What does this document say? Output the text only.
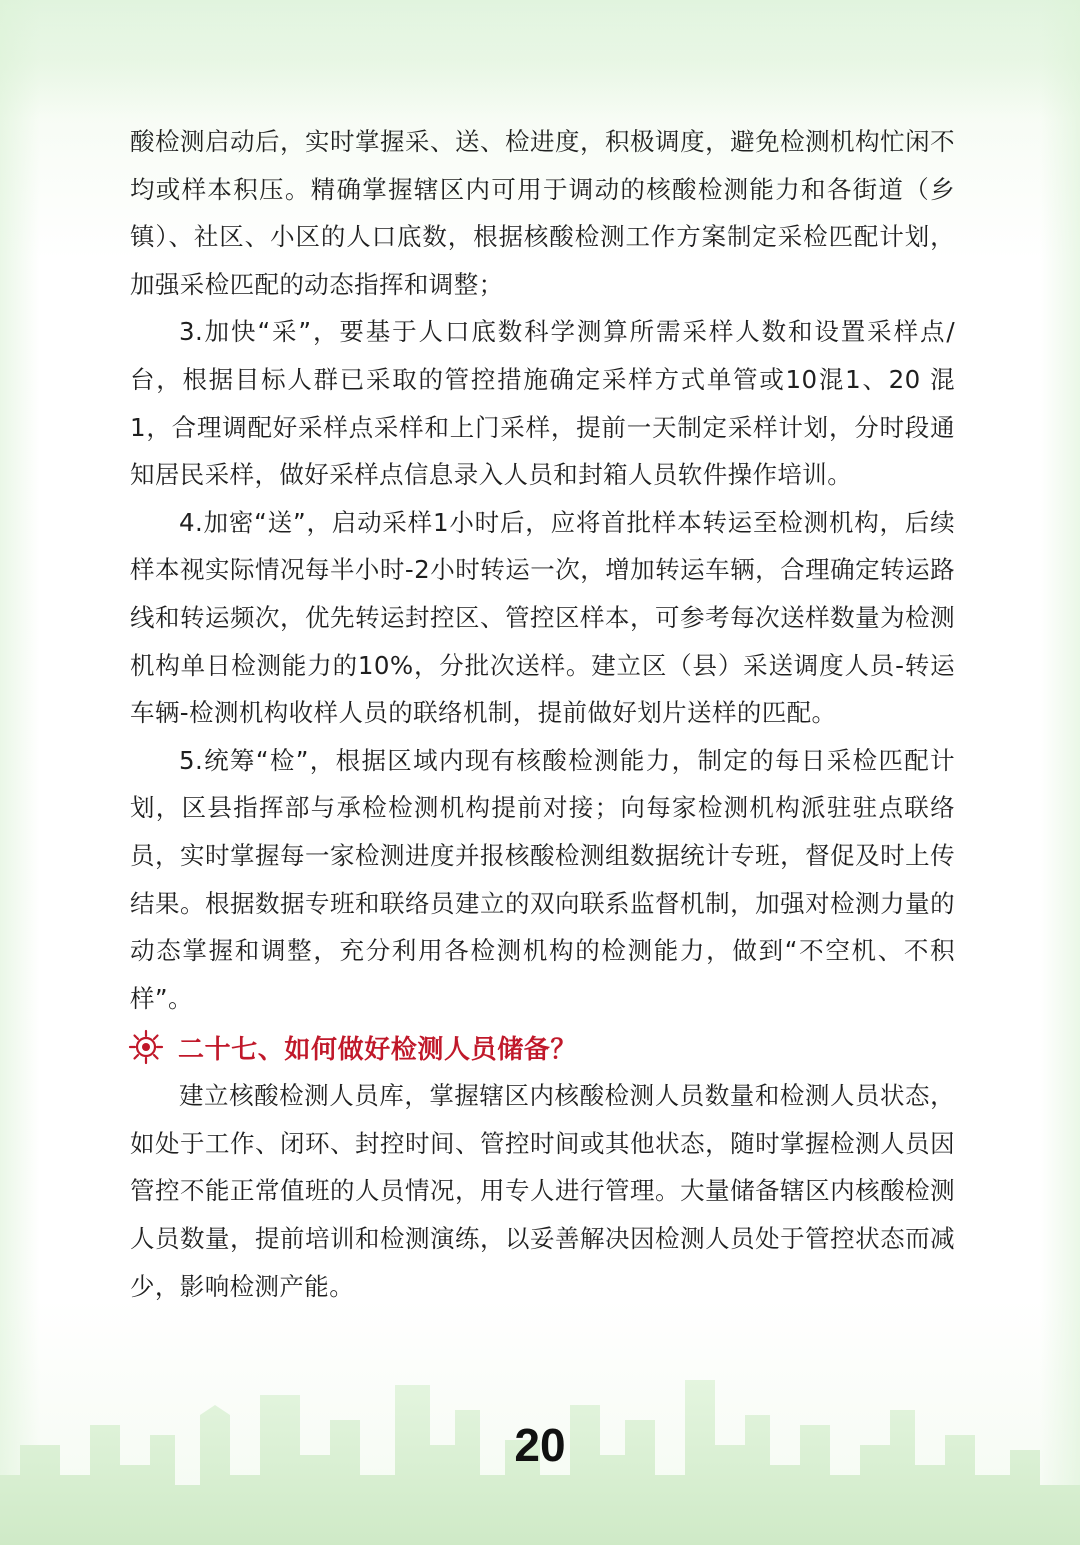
酸检测启动后，实时掌握采、送、检进度，积极调度，避免检测机构忙闲不均或样本积压。精确掌握辖区内可用于调动的核酸检测能力和各街道（乡镇）、社区、小区的人口底数，根据核酸检测工作方案制定采检匹配计划，加强采检匹配的动态指挥和调整；

3.加快“采”，要基于人口底数科学测算所需采样人数和设置采样点/台，根据目标人群已采取的管控措施确定采样方式单管或10混1、20 混 1，合理调配好采样点采样和上门采样，提前一天制定采样计划，分时段通知居民采样，做好采样点信息录入人员和封箱人员软件操作培训。

4.加密“送”，启动采样1小时后，应将首批样本转运至检测机构，后续样本视实际情况每半小时-2小时转运一次，增加转运车辆，合理确定转运路线和转运频次，优先转运封控区、管控区样本，可参考每次送样数量为检测机构单日检测能力的10%，分批次送样。建立区（县）采送调度人员-转运车辆-检测机构收样人员的联络机制，提前做好划片送样的匹配。

5.统筹“检”，根据区域内现有核酸检测能力，制定的每日采检匹配计划，区县指挥部与承检检测机构提前对接；向每家检测机构派驻驻点联络员，实时掌握每一家检测进度并报核酸检测组数据统计专班，督促及时上传结果。根据数据专班和联络员建立的双向联系监督机制，加强对检测力量的动态掌握和调整，充分利用各检测机构的检测能力，做到“不空机、不积样”。

二十七、如何做好检测人员储备？

建立核酸检测人员库，掌握辖区内核酸检测人员数量和检测人员状态，如处于工作、闭环、封控时间、管控时间或其他状态，随时掌握检测人员因管控不能正常值班的人员情况，用专人进行管理。大量储备辖区内核酸检测人员数量，提前培训和检测演练，以妥善解决因检测人员处于管控状态而减少，影响检测产能。

20
